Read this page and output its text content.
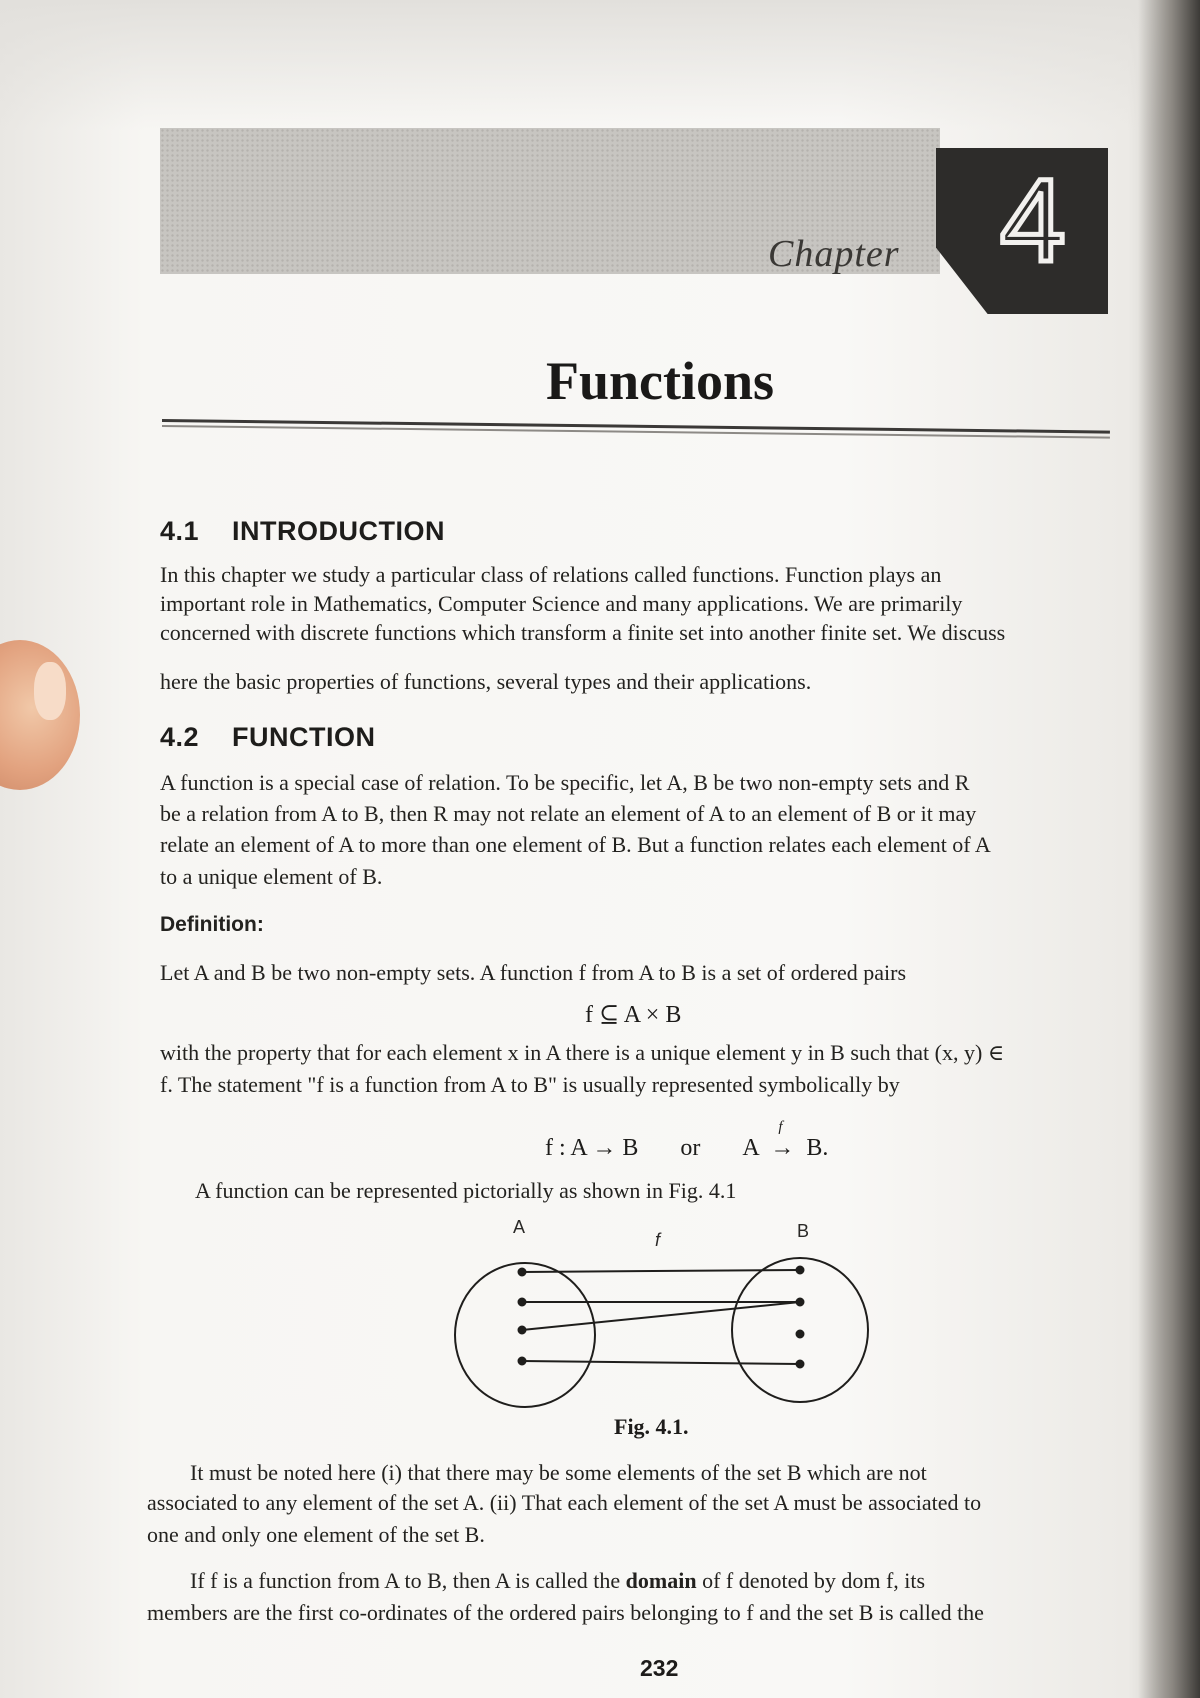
Chapter 4
Functions
4.1 INTRODUCTION
In this chapter we study a particular class of relations called functions. Function plays an
important role in Mathematics, Computer Science and many applications. We are primarily
concerned with discrete functions which transform a finite set into another finite set. We discuss
here the basic properties of functions, several types and their applications.
4.2 FUNCTION
A function is a special case of relation. To be specific, let A, B be two non-empty sets and R
be a relation from A to B, then R may not relate an element of A to an element of B or it may
relate an element of A to more than one element of B. But a function relates each element of A
to a unique element of B.
Definition:
Let A and B be two non-empty sets. A function f from A to B is a set of ordered pairs
f ⊆ A × B
with the property that for each element x in A there is a unique element y in B such that (x, y) ∈
f. The statement "f is a function from A to B" is usually represented symbolically by
f : A → B or A
f
→ B.
A function can be represented pictorially as shown in Fig. 4.1
A
f	B
Fig. 4.1.
It must be noted here (i) that there may be some elements of the set B which are not
associated to any element of the set A. (ii) That each element of the set A must be associated to
one and only one element of the set B.
If f is a function from A to B, then A is called the domain of f denoted by dom f, its
members are the first co-ordinates of the ordered pairs belonging to f and the set B is called the
232
